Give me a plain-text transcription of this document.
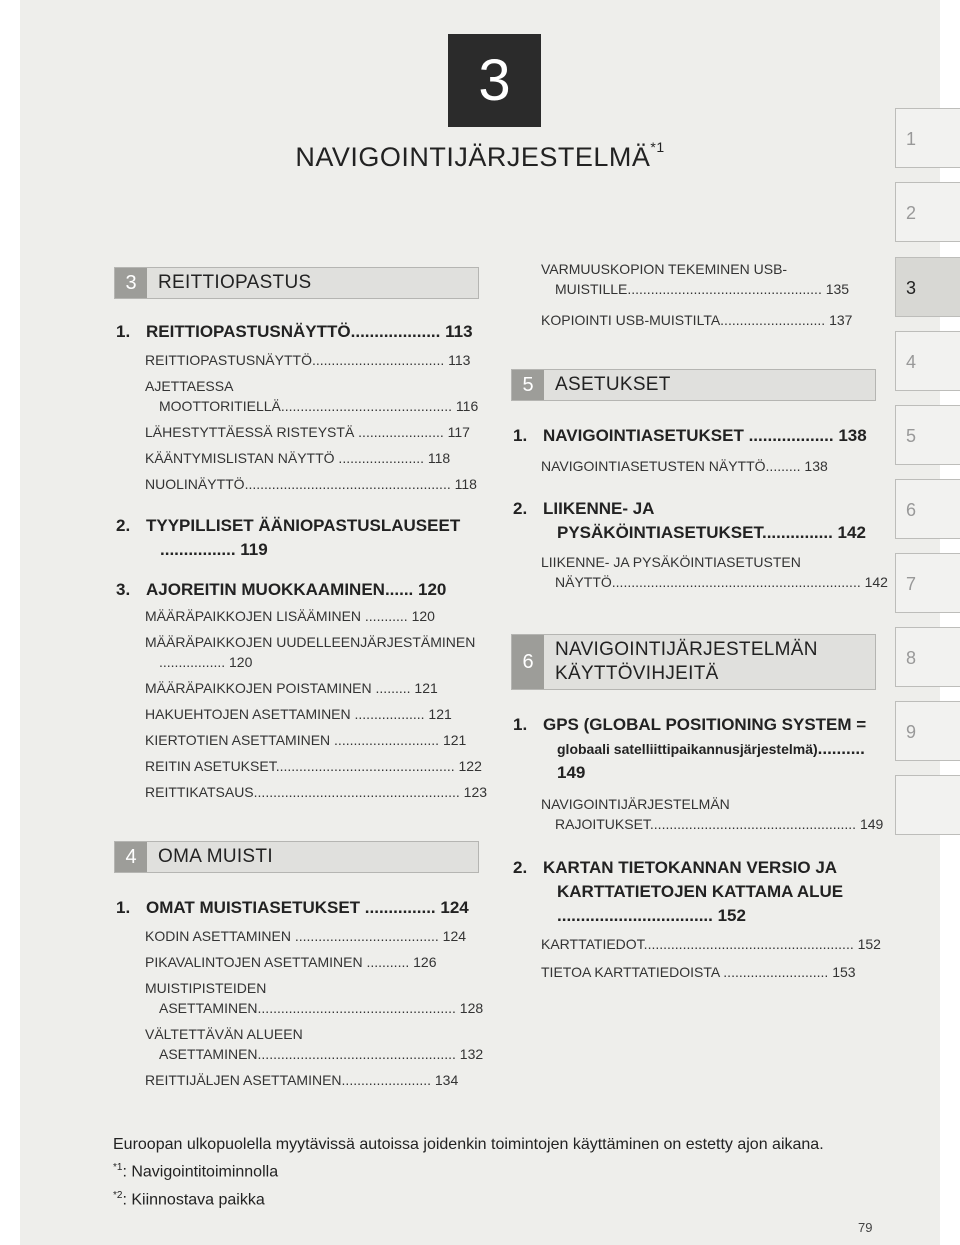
3
NAVIGOINTIJÄRJESTELMÄ$^{*1}$	1
2
3
4
5
6
7
8
9
3	REITTIOPASTUS
1. REITTIOPASTUSNÄYTTÖ................... 113
REITTIOPASTUSNÄYTTÖ.................................. 113
AJETTAESSA MOOTTORITIELLÄ............................................ 116
LÄHESTYTTÄESSÄ RISTEYSTÄ ...................... 117
KÄÄNTYMISLISTAN NÄYTTÖ ...................... 118
NUOLINÄYTTÖ..................................................... 118
2. TYYPILLISET ÄÄNIOPASTUSLAUSEET ................ 119
3. AJOREITIN MUOKKAAMINEN...... 120
MÄÄRÄPAIKKOJEN LISÄÄMINEN ........... 120
MÄÄRÄPAIKKOJEN UUDELLEENJÄRJESTÄMINEN ................. 120
MÄÄRÄPAIKKOJEN POISTAMINEN ......... 121
HAKUEHTOJEN ASETTAMINEN .................. 121
KIERTOTIEN ASETTAMINEN ........................... 121
REITIN ASETUKSET.............................................. 122
REITTIKATSAUS..................................................... 123
4	OMA MUISTI
1. OMAT MUISTIASETUKSET ............... 124
KODIN ASETTAMINEN ..................................... 124
PIKAVALINTOJEN ASETTAMINEN ........... 126
MUISTIPISTEIDEN ASETTAMINEN................................................... 128
VÄLTETTÄVÄN ALUEEN ASETTAMINEN................................................... 132
REITTIJÄLJEN ASETTAMINEN....................... 134
VARMUUSKOPION TEKEMINEN USB-MUISTILLE.................................................. 135
KOPIOINTI USB-MUISTILTA........................... 137
5	ASETUKSET
1. NAVIGOINTIASETUKSET .................. 138
NAVIGOINTIASETUSTEN NÄYTTÖ......... 138
2. LIIKENNE- JA PYSÄKÖINTIASETUKSET............... 142
LIIKENNE- JA PYSÄKÖINTIASETUSTEN NÄYTTÖ................................................................ 142
6
NAVIGOINTIJÄRJESTELMÄN KÄYTTÖVIHJEITÄ
1. GPS (GLOBAL POSITIONING SYSTEM = globaali satelliittipaikannusjärjestelmä).......... 149
NAVIGOINTIJÄRJESTELMÄN RAJOITUKSET..................................................... 149
2. KARTAN TIETOKANNAN VERSIO JA KARTTATIETOJEN KATTAMA ALUE ................................. 152
KARTTATIEDOT...................................................... 152
TIETOA KARTTATIEDOISTA ........................... 153
Euroopan ulkopuolella myytävissä autoissa joidenkin toimintojen käyttäminen on estetty ajon aikana.
$^{*1}$: Navigointitoiminnolla
$^{*2}$: Kiinnostava paikka
79
